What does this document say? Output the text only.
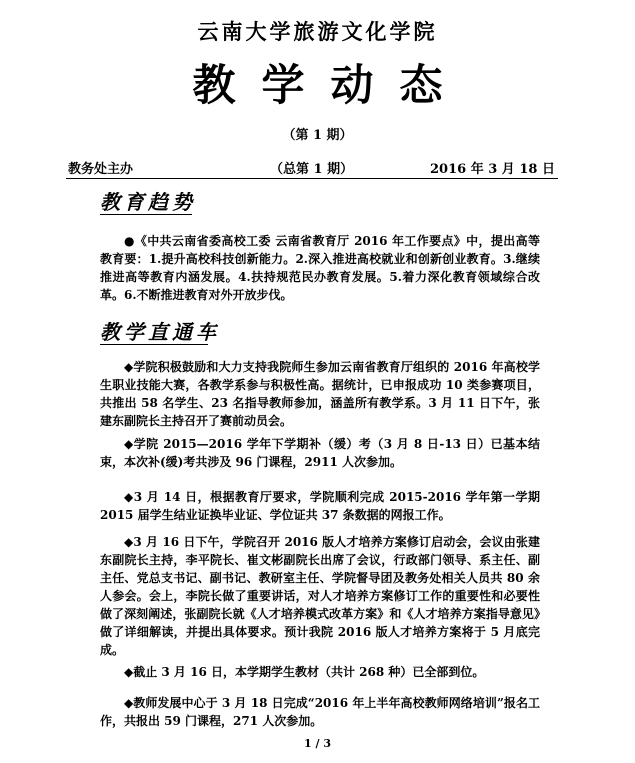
云南大学旅游文化学院
教学动态
（第 1 期）
教务处主办	（总第 1 期）	2016 年 3 月 18 日
教育趋势
●《中共云南省委高校工委 云南省教育厅 2016 年工作要点》中，提出高等教育要：1.提升高校科技创新能力。2.深入推进高校就业和创新创业教育。3.继续推进高等教育内涵发展。4.扶持规范民办教育发展。5.着力深化教育领域综合改革。6.不断推进教育对外开放步伐。
教学直通车
◆学院积极鼓励和大力支持我院师生参加云南省教育厅组织的 2016 年高校学生职业技能大赛，各教学系参与积极性高。据统计，已申报成功 10 类参赛项目，共推出 58 名学生、23 名指导教师参加，涵盖所有教学系。3 月 11 日下午，张建东副院长主持召开了赛前动员会。
◆学院 2015—2016 学年下学期补（缓）考（3 月 8 日-13 日）已基本结束，本次补(缓)考共涉及 96 门课程，2911 人次参加。
◆3 月 14 日，根据教育厅要求，学院顺利完成 2015-2016 学年第一学期 2015 届学生结业证换毕业证、学位证共 37 条数据的网报工作。
◆3 月 16 日下午，学院召开 2016 版人才培养方案修订启动会，会议由张建东副院长主持，李平院长、崔文彬副院长出席了会议，行政部门领导、系主任、副主任、党总支书记、副书记、教研室主任、学院督导团及教务处相关人员共 80 余人参会。会上，李院长做了重要讲话，对人才培养方案修订工作的重要性和必要性做了深刻阐述，张副院长就《人才培养模式改革方案》和《人才培养方案指导意见》做了详细解读，并提出具体要求。预计我院 2016 版人才培养方案将于 5 月底完成。
◆截止 3 月 16 日，本学期学生教材（共计 268 种）已全部到位。
◆教师发展中心于 3 月 18 日完成“2016 年上半年高校教师网络培训”报名工作，共报出 59 门课程，271 人次参加。
1 / 3
